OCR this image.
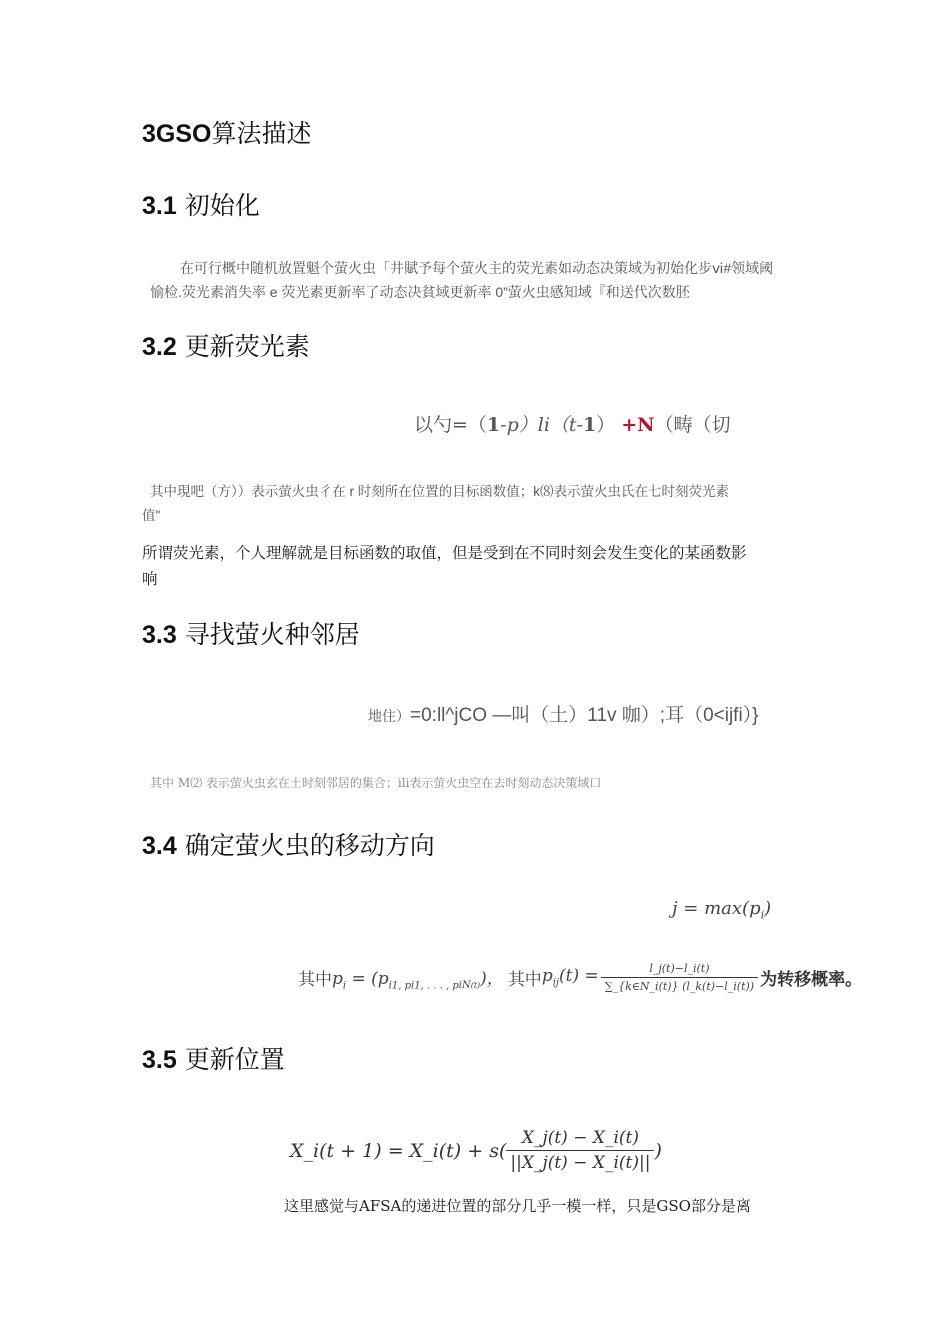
3GSO算法描述
3.1 初始化
在可行概中随机放置魁个萤火虫「井賦予每个萤火主的荧光素如动态决策域为初始化步ⅵ#领域阈
愉检.荧光素消失率 e 荧光素更新率了动态决貧域更新率 0”萤火虫感知域『和送代次数胚
3.2 更新荧光素
以勺=（1-p）li（t-1） +N（畴（切
其中現吧（方））表示萤火虫彳在 r 时刻所在位置的目标函数值；k⑻表示萤火虫氏在七时刻荧光素
值"
所谓荧光素，个人理解就是目标函数的取值，但是受到在不同时刻会发生变化的某函数影
响
3.3 寻找萤火种邻居
地住）=0:ll^jCO —叫（土）11v 咖）;耳（0<ijfi）}
其中 M⑵ 表示萤火虫玄在土时刻邻居的集合；ili表示萤火虫空在去时刻动态决策域口
3.4 确定萤火虫的移动方向
$j = \max(p_i)$
其中 $p_i = (p_{i1, pi1, . . . , piN(t)})$， 其中 $p_{ij}(t) = \frac{l\_j(t)-l\_i(t)}{\sum\_\{k\in N\_i(t)\} (l\_k(t)-l\_i(t))}$ 为转移概率。
3.5 更新位置
X_i(t + 1) = X_i(t) + $s( \frac{X\_j(t) - X\_i(t)}{||X\_j(t) - X\_i(t)||}$ )
这里感觉与AFSA的递进位置的部分几乎一模一样，只是GSO部分是离
